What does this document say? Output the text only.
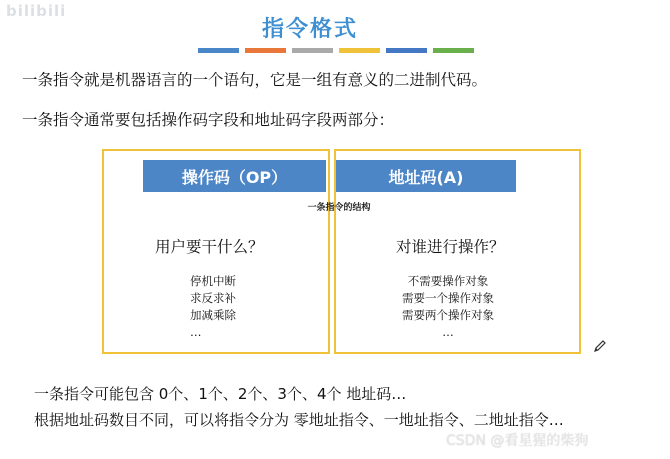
bilibili
指令格式
一条指令就是机器语言的一个语句，它是一组有意义的二进制代码。
一条指令通常要包括操作码字段和地址码字段两部分：
操作码（OP）	地址码(A)
一条指令的结构
用户要干什么？	对谁进行操作？
停机中断
求反求补
加减乘除
…
不需要操作对象
需要一个操作对象
需要两个操作对象
…
一条指令可能包含 0个、1个、2个、3个、4个 地址码…
根据地址码数目不同，可以将指令分为 零地址指令、一地址指令、二地址指令…
CSDN @看星猩的柴狗
